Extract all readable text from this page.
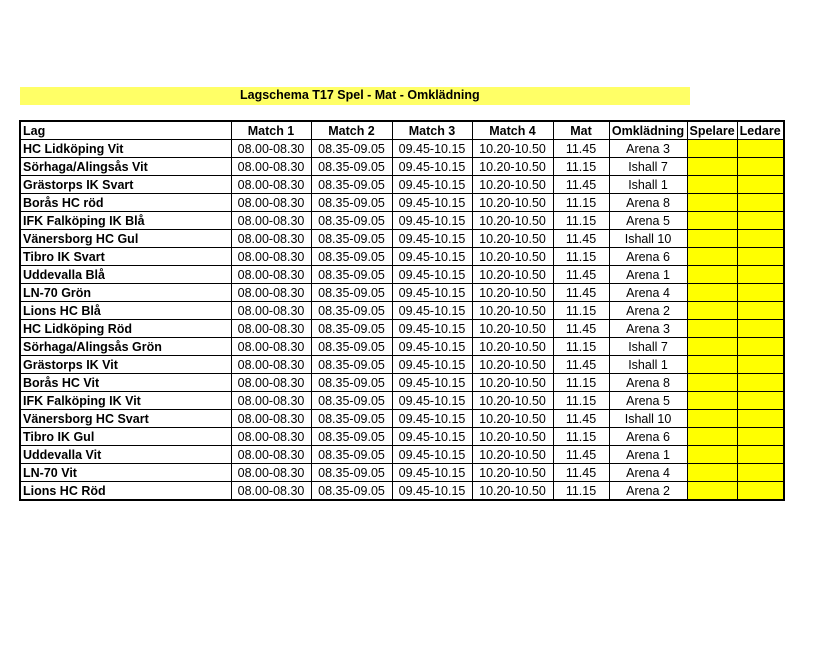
Lagschema T17 Spel - Mat - Omklädning
Lag	Match 1	Match 2	Match 3	Match 4	Mat	Omklädning	Spelare	Ledare
HC Lidköping Vit	08.00-08.30	08.35-09.05	09.45-10.15	10.20-10.50	11.45	Arena 3		
Sörhaga/Alingsås Vit	08.00-08.30	08.35-09.05	09.45-10.15	10.20-10.50	11.15	Ishall 7		
Grästorps IK Svart	08.00-08.30	08.35-09.05	09.45-10.15	10.20-10.50	11.45	Ishall 1		
Borås HC röd	08.00-08.30	08.35-09.05	09.45-10.15	10.20-10.50	11.15	Arena 8		
IFK Falköping IK Blå	08.00-08.30	08.35-09.05	09.45-10.15	10.20-10.50	11.15	Arena 5		
Vänersborg HC Gul	08.00-08.30	08.35-09.05	09.45-10.15	10.20-10.50	11.45	Ishall 10		
Tibro IK Svart	08.00-08.30	08.35-09.05	09.45-10.15	10.20-10.50	11.15	Arena 6		
Uddevalla Blå	08.00-08.30	08.35-09.05	09.45-10.15	10.20-10.50	11.45	Arena 1		
LN-70 Grön	08.00-08.30	08.35-09.05	09.45-10.15	10.20-10.50	11.45	Arena 4		
Lions HC Blå	08.00-08.30	08.35-09.05	09.45-10.15	10.20-10.50	11.15	Arena 2		
HC Lidköping Röd	08.00-08.30	08.35-09.05	09.45-10.15	10.20-10.50	11.45	Arena 3		
Sörhaga/Alingsås Grön	08.00-08.30	08.35-09.05	09.45-10.15	10.20-10.50	11.15	Ishall 7		
Grästorps IK Vit	08.00-08.30	08.35-09.05	09.45-10.15	10.20-10.50	11.45	Ishall 1		
Borås HC Vit	08.00-08.30	08.35-09.05	09.45-10.15	10.20-10.50	11.15	Arena 8		
IFK Falköping IK Vit	08.00-08.30	08.35-09.05	09.45-10.15	10.20-10.50	11.15	Arena 5		
Vänersborg HC Svart	08.00-08.30	08.35-09.05	09.45-10.15	10.20-10.50	11.45	Ishall 10		
Tibro IK Gul	08.00-08.30	08.35-09.05	09.45-10.15	10.20-10.50	11.15	Arena 6		
Uddevalla Vit	08.00-08.30	08.35-09.05	09.45-10.15	10.20-10.50	11.45	Arena 1		
LN-70 Vit	08.00-08.30	08.35-09.05	09.45-10.15	10.20-10.50	11.45	Arena 4		
Lions HC Röd	08.00-08.30	08.35-09.05	09.45-10.15	10.20-10.50	11.15	Arena 2		
